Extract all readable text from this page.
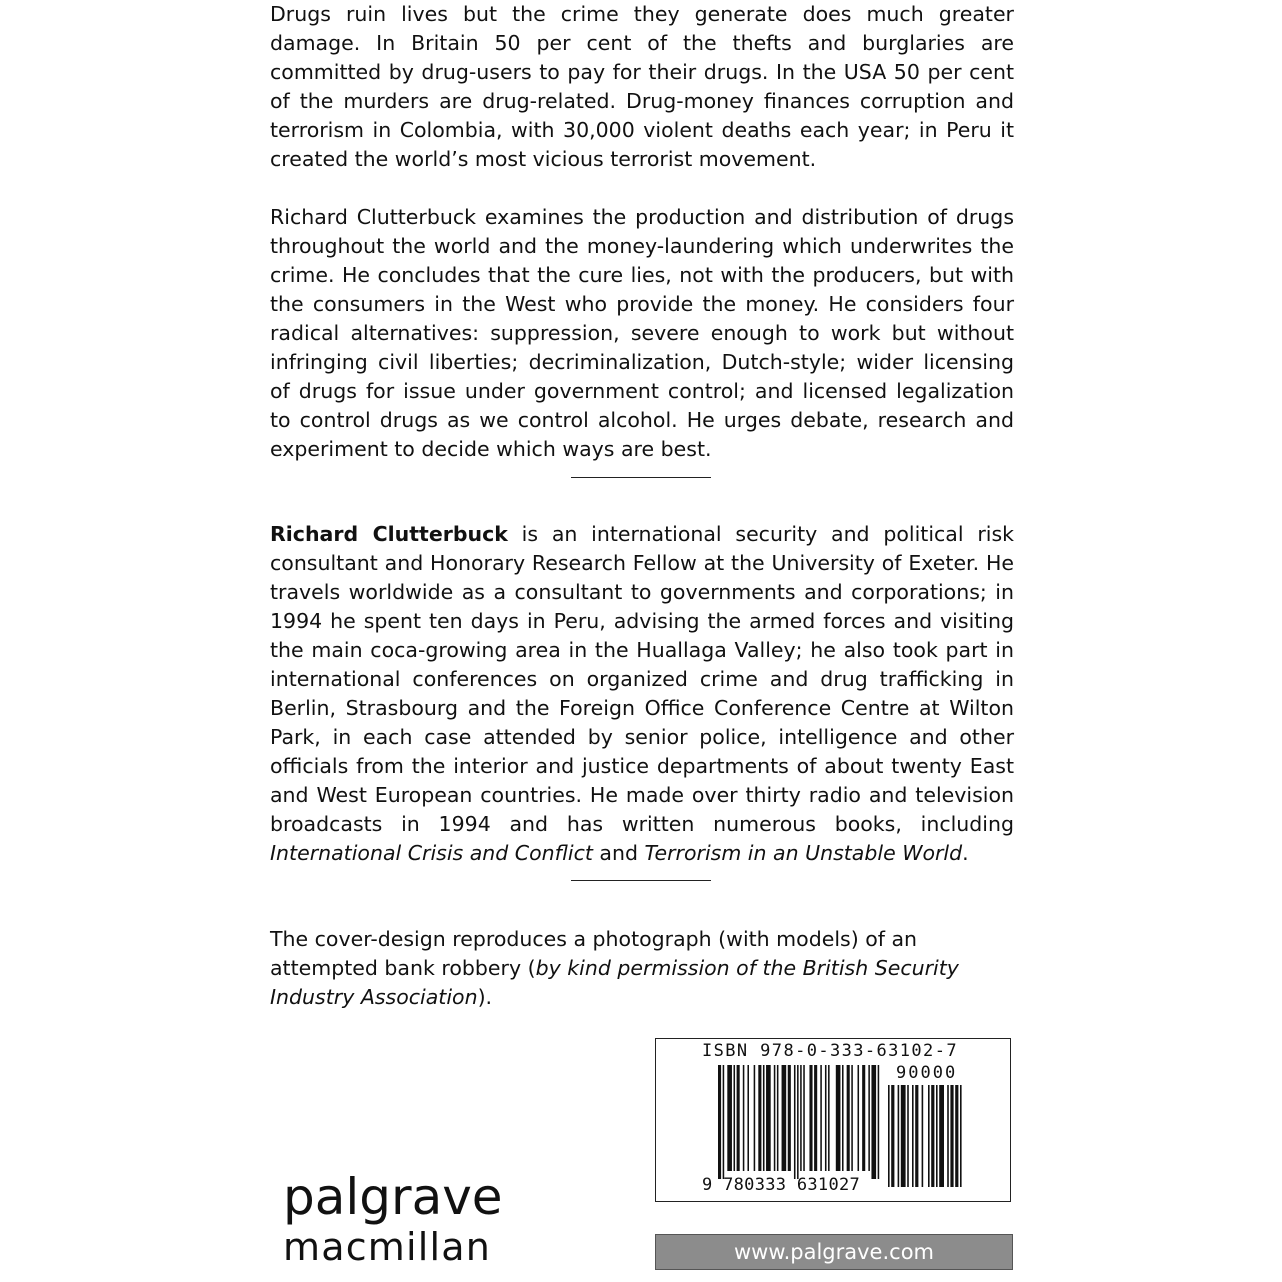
Drugs ruin lives but the crime they generate does much greater damage. In Britain 50 per cent of the thefts and burglaries are committed by drug-users to pay for their drugs. In the USA 50 per cent of the murders are drug-related. Drug-money finances corruption and terrorism in Colombia, with 30,000 violent deaths each year; in Peru it created the world’s most vicious terrorist movement.

Richard Clutterbuck examines the production and distribution of drugs throughout the world and the money-laundering which underwrites the crime. He concludes that the cure lies, not with the producers, but with the consumers in the West who provide the money. He considers four radical alternatives: suppression, severe enough to work but without infringing civil liberties; decriminalization, Dutch-style; wider licensing of drugs for issue under government control; and licensed legalization to control drugs as we control alcohol. He urges debate, research and experiment to decide which ways are best.

Richard Clutterbuck is an international security and political risk consultant and Honorary Research Fellow at the University of Exeter. He travels worldwide as a consultant to governments and corporations; in 1994 he spent ten days in Peru, advising the armed forces and visiting the main coca-growing area in the Huallaga Valley; he also took part in international conferences on organized crime and drug trafficking in Berlin, Strasbourg and the Foreign Office Conference Centre at Wilton Park, in each case attended by senior police, intelligence and other officials from the interior and justice departments of about twenty East and West European countries. He made over thirty radio and television broadcasts in 1994 and has written numerous books, including International Crisis and Conflict and Terrorism in an Unstable World.

The cover-design reproduces a photograph (with models) of an attempted bank robbery (by kind permission of the British Security Industry Association).

ISBN 978-0-333-63102-7
90000
9 780333 631027
palgrave
macmillan	www.palgrave.com
